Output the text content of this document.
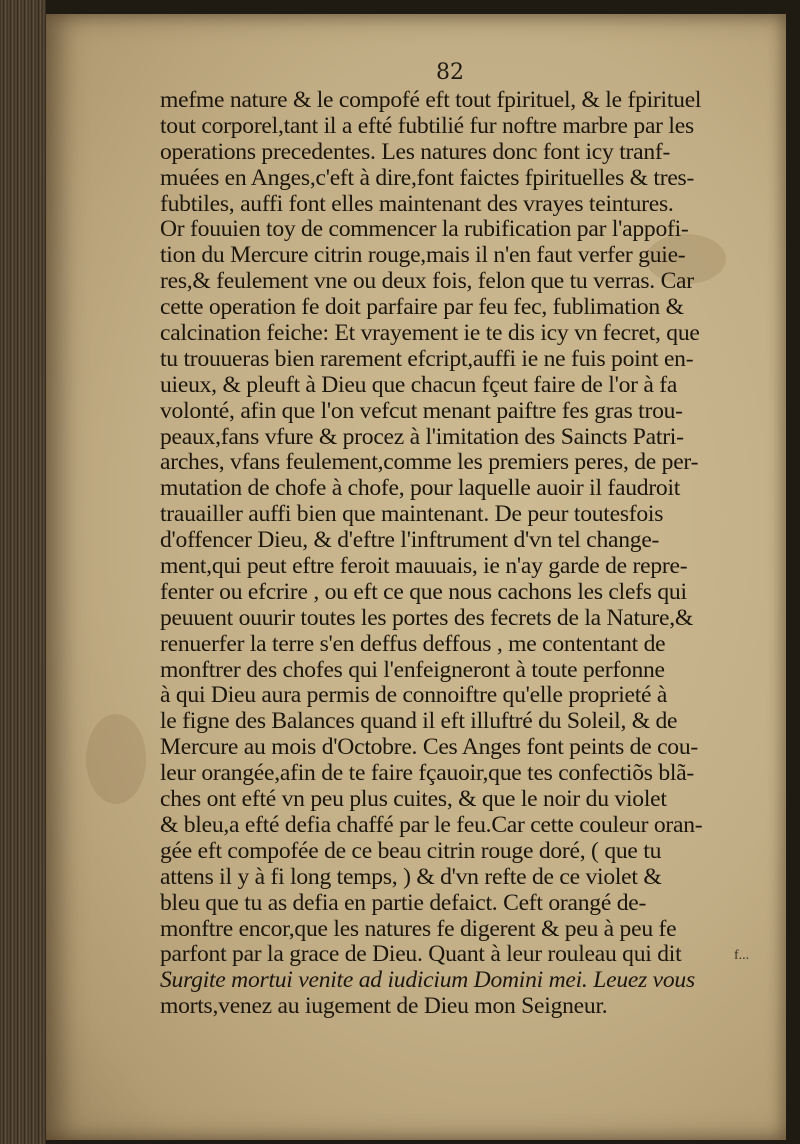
82

mefme nature & le compofé eft tout fpirituel, & le fpirituel
tout corporel,tant il a efté fubtilié fur noftre marbre par les
operations precedentes. Les natures donc font icy tranf-
muées en Anges,c'eft à dire,font faictes fpirituelles & tres-
fubtiles, auffi font elles maintenant des vrayes teintures.
Or fouuien toy de commencer la rubification par l'appofi-
tion du Mercure citrin rouge,mais il n'en faut verfer guie-
res,& feulement vne ou deux fois, felon que tu verras. Car
cette operation fe doit parfaire par feu fec, fublimation &
calcination feiche: Et vrayement ie te dis icy vn fecret, que
tu trouueras bien rarement efcript,auffi ie ne fuis point en-
uieux, & pleuft à Dieu que chacun fçeut faire de l'or à fa
volonté, afin que l'on vefcut menant paiftre fes gras trou-
peaux,fans vfure & procez à l'imitation des Saincts Patri-
arches, vfans feulement,comme les premiers peres, de per-
mutation de chofe à chofe, pour laquelle auoir il faudroit
trauailler auffi bien que maintenant. De peur toutesfois
d'offencer Dieu, & d'eftre l'inftrument d'vn tel change-
ment,qui peut eftre feroit mauuais, ie n'ay garde de repre-
fenter ou efcrire , ou eft ce que nous cachons les clefs qui
peuuent ouurir toutes les portes des fecrets de la Nature,&
renuerfer la terre s'en deffus deffous , me contentant de
monftrer des chofes qui l'enfeigneront à toute perfonne
à qui Dieu aura permis de connoiftre qu'elle proprieté à
le figne des Balances quand il eft illuftré du Soleil, & de
Mercure au mois d'Octobre. Ces Anges font peints de cou-
leur orangée,afin de te faire fçauoir,que tes confectiõs blã-
ches ont efté vn peu plus cuites, & que le noir du violet
& bleu,a efté defia chaffé par le feu.Car cette couleur oran-
gée eft compofée de ce beau citrin rouge doré, ( que tu
attens il y à fi long temps, ) & d'vn refte de ce violet &
bleu que tu as defia en partie defaict. Ceft orangé de-
monftre encor,que les natures fe digerent & peu à peu fe
parfont par la grace de Dieu. Quant à leur rouleau qui dit
Surgite mortui venite ad iudicium Domini mei. Leuez vous
morts,venez au iugement de Dieu mon Seigneur.

f...
